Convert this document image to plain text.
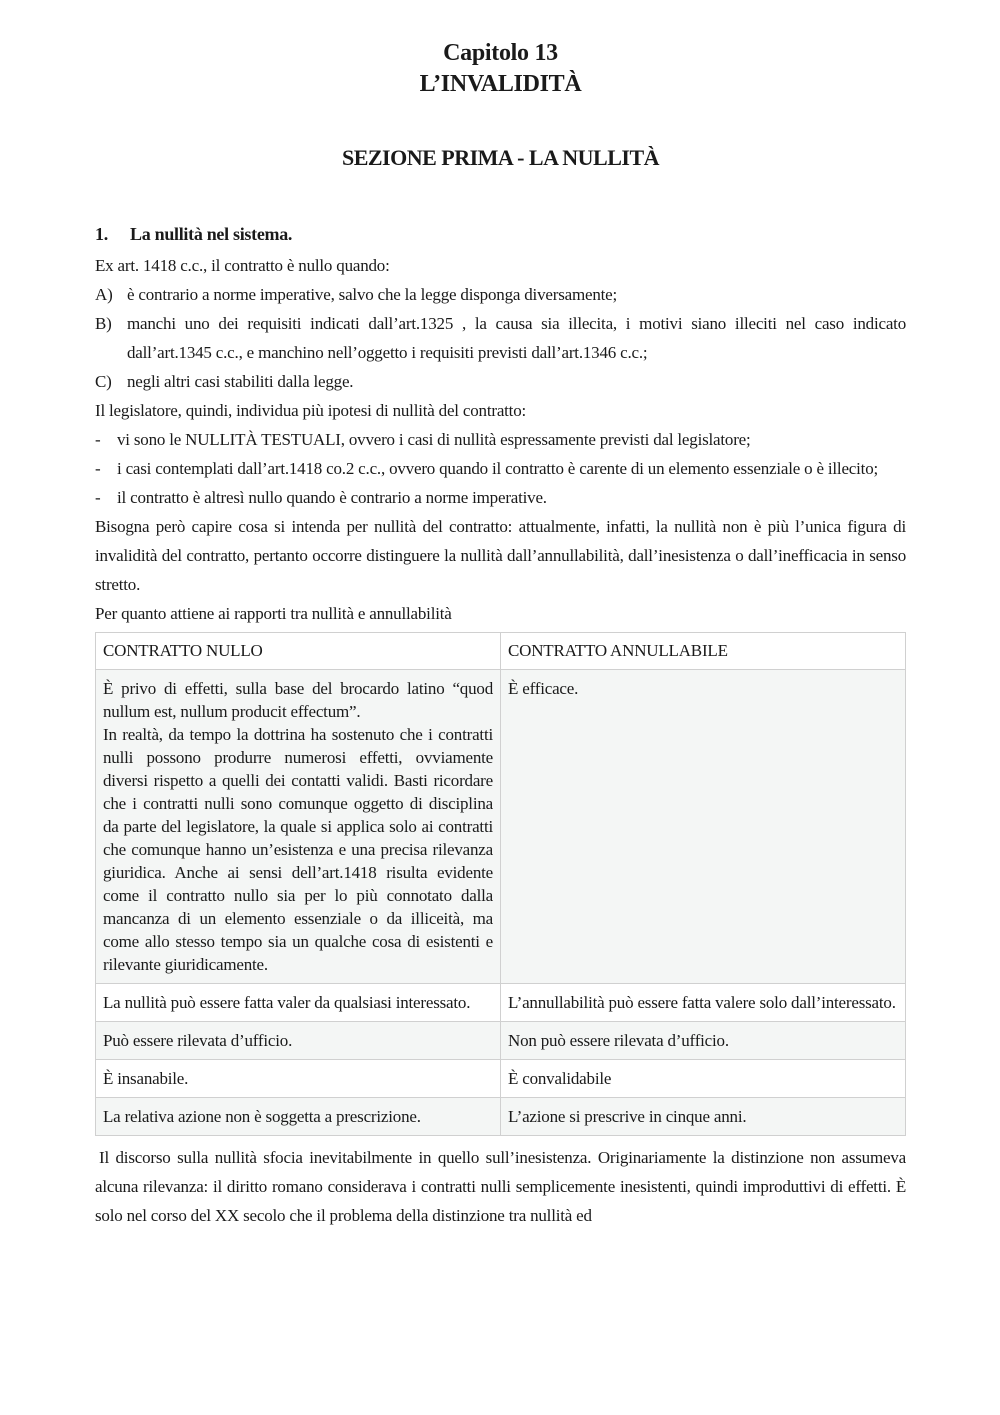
Capitolo 13
L’INVALIDITÀ
SEZIONE PRIMA - LA NULLITÀ
1. La nullità nel sistema.

Ex art. 1418 c.c., il contratto è nullo quando:

A) è contrario a norme imperative, salvo che la legge disponga diversamente;
B) manchi uno dei requisiti indicati dall’art.1325 , la causa sia illecita, i motivi siano illeciti nel caso indicato dall’art.1345 c.c., e manchino nell’oggetto i requisiti previsti dall’art.1346 c.c.;
C) negli altri casi stabiliti dalla legge.

Il legislatore, quindi, individua più ipotesi di nullità del contratto:

- vi sono le NULLITÀ TESTUALI, ovvero i casi di nullità espressamente previsti dal legislatore;
- i casi contemplati dall’art.1418 co.2 c.c., ovvero quando il contratto è carente di un elemento essenziale o è illecito;
- il contratto è altresì nullo quando è contrario a norme imperative.

Bisogna però capire cosa si intenda per nullità del contratto: attualmente, infatti, la nullità non è più l’unica figura di invalidità del contratto, pertanto occorre distinguere la nullità dall’annullabilità, dall’inesistenza o dall’inefficacia in senso stretto.

Per quanto attiene ai rapporti tra nullità e annullabilità

CONTRATTO NULLO	CONTRATTO ANNULLABILE
È privo di effetti, sulla base del brocardo latino “quod nullum est, nullum producit effectum”.
In realtà, da tempo la dottrina ha sostenuto che i contratti nulli possono produrre numerosi effetti, ovviamente diversi rispetto a quelli dei contatti validi. Basti ricordare che i contratti nulli sono comunque oggetto di disciplina da parte del legislatore, la quale si applica solo ai contratti che comunque hanno un’esistenza e una precisa rilevanza giuridica. Anche ai sensi dell’art.1418 risulta evidente come il contratto nullo sia per lo più connotato dalla mancanza di un elemento essenziale o da illiceità, ma come allo stesso tempo sia un qualche cosa di esistenti e rilevante giuridicamente.	È efficace.
La nullità può essere fatta valer da qualsiasi interessato.	L’annullabilità può essere fatta valere solo dall’interessato.
Può essere rilevata d’ufficio.	Non può essere rilevata d’ufficio.
È insanabile.	È convalidabile
La relativa azione non è soggetta a prescrizione.	L’azione si prescrive in cinque anni.

Il discorso sulla nullità sfocia inevitabilmente in quello sull’inesistenza. Originariamente la distinzione non assumeva alcuna rilevanza: il diritto romano considerava i contratti nulli semplicemente inesistenti, quindi improduttivi di effetti. È solo nel corso del XX secolo che il problema della distinzione tra nullità ed
